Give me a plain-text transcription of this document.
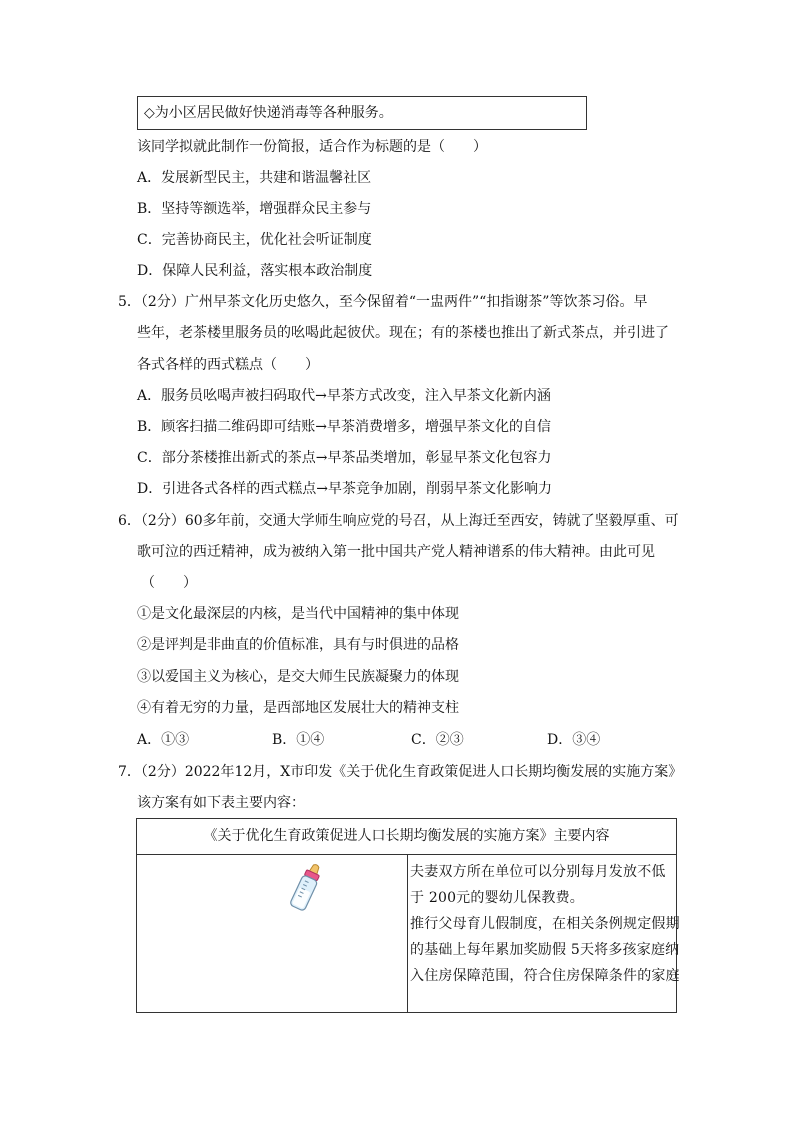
◇为小区居民做好快递消毒等各种服务。
该同学拟就此制作一份简报，适合作为标题的是（　　）
A．发展新型民主，共建和谐温馨社区
B．坚持等额选举，增强群众民主参与
C．完善协商民主，优化社会听证制度
D．保障人民利益，落实根本政治制度
5．（2分）广州早茶文化历史悠久，至今保留着“一盅两件”“扣指谢茶”等饮茶习俗。早
些年，老茶楼里服务员的吆喝此起彼伏。现在；有的茶楼也推出了新式茶点，并引进了
各式各样的西式糕点（　　）
A．服务员吆喝声被扫码取代→早茶方式改变，注入早茶文化新内涵
B．顾客扫描二维码即可结账→早茶消费增多，增强早茶文化的自信
C．部分茶楼推出新式的茶点→早茶品类增加，彰显早茶文化包容力
D．引进各式各样的西式糕点→早茶竞争加剧，削弱早茶文化影响力
6．（2分）60多年前，交通大学师生响应党的号召，从上海迁至西安，铸就了坚毅厚重、可
歌可泣的西迁精神，成为被纳入第一批中国共产党人精神谱系的伟大精神。由此可见
（　　）
①是文化最深层的内核，是当代中国精神的集中体现
②是评判是非曲直的价值标准，具有与时俱进的品格
③以爱国主义为核心，是交大师生民族凝聚力的体现
④有着无穷的力量，是西部地区发展壮大的精神支柱
A．①③	B．①④	C．②③	D．③④
7．（2分）2022年12月，X市印发《关于优化生育政策促进人口长期均衡发展的实施方案》
该方案有如下表主要内容：
《关于优化生育政策促进人口长期均衡发展的实施方案》主要内容

夫妻双方所在单位可以分别每月发放不低
于 200元的婴幼儿保教费。
推行父母育儿假制度，在相关条例规定假期
的基础上每年累加奖励假 5天将多孩家庭纳
入住房保障范围，符合住房保障条件的家庭
